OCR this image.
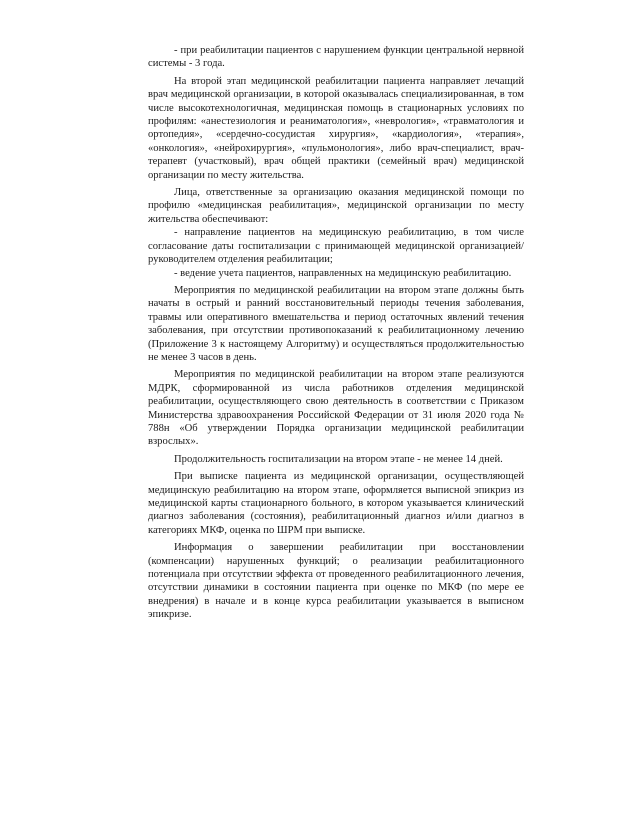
- при реабилитации пациентов с нарушением функции центральной нервной системы - 3 года.

На второй этап медицинской реабилитации пациента направляет лечащий врач медицинской организации, в которой оказывалась специализированная, в том числе высокотехнологичная, медицинская помощь в стационарных условиях по профилям: «анестезиология и реаниматология», «неврология», «травматология и ортопедия», «сердечно-сосудистая хирургия», «кардиология», «терапия», «онкология», «нейрохирургия», «пульмонология», либо врач-специалист, врач-терапевт (участковый), врач общей практики (семейный врач) медицинской организации по месту жительства.

Лица, ответственные за организацию оказания медицинской помощи по профилю «медицинская реабилитация», медицинской организации по месту жительства обеспечивают:

- направление пациентов на медицинскую реабилитацию, в том числе согласование даты госпитализации с принимающей медицинской организацией/руководителем отделения реабилитации;

- ведение учета пациентов, направленных на медицинскую реабилитацию.

Мероприятия по медицинской реабилитации на втором этапе должны быть начаты в острый и ранний восстановительный периоды течения заболевания, травмы или оперативного вмешательства и период остаточных явлений течения заболевания, при отсутствии противопоказаний к реабилитационному лечению (Приложение 3 к настоящему Алгоритму) и осуществляться продолжительностью не менее 3 часов в день.

Мероприятия по медицинской реабилитации на втором этапе реализуются МДРК, сформированной из числа работников отделения медицинской реабилитации, осуществляющего свою деятельность в соответствии с Приказом Министерства здравоохранения Российской Федерации от 31 июля 2020 года № 788н «Об утверждении Порядка организации медицинской реабилитации взрослых».

Продолжительность госпитализации на втором этапе - не менее 14 дней.

При выписке пациента из медицинской организации, осуществляющей медицинскую реабилитацию на втором этапе, оформляется выписной эпикриз из медицинской карты стационарного больного, в котором указывается клинический диагноз заболевания (состояния), реабилитационный диагноз и/или диагноз в категориях МКФ, оценка по ШРМ при выписке.

Информация о завершении реабилитации при восстановлении (компенсации) нарушенных функций; о реализации реабилитационного потенциала при отсутствии эффекта от проведенного реабилитационного лечения, отсутствии динамики в состоянии пациента при оценке по МКФ (по мере ее внедрения) в начале и в конце курса реабилитации указывается в выписном эпикризе.
